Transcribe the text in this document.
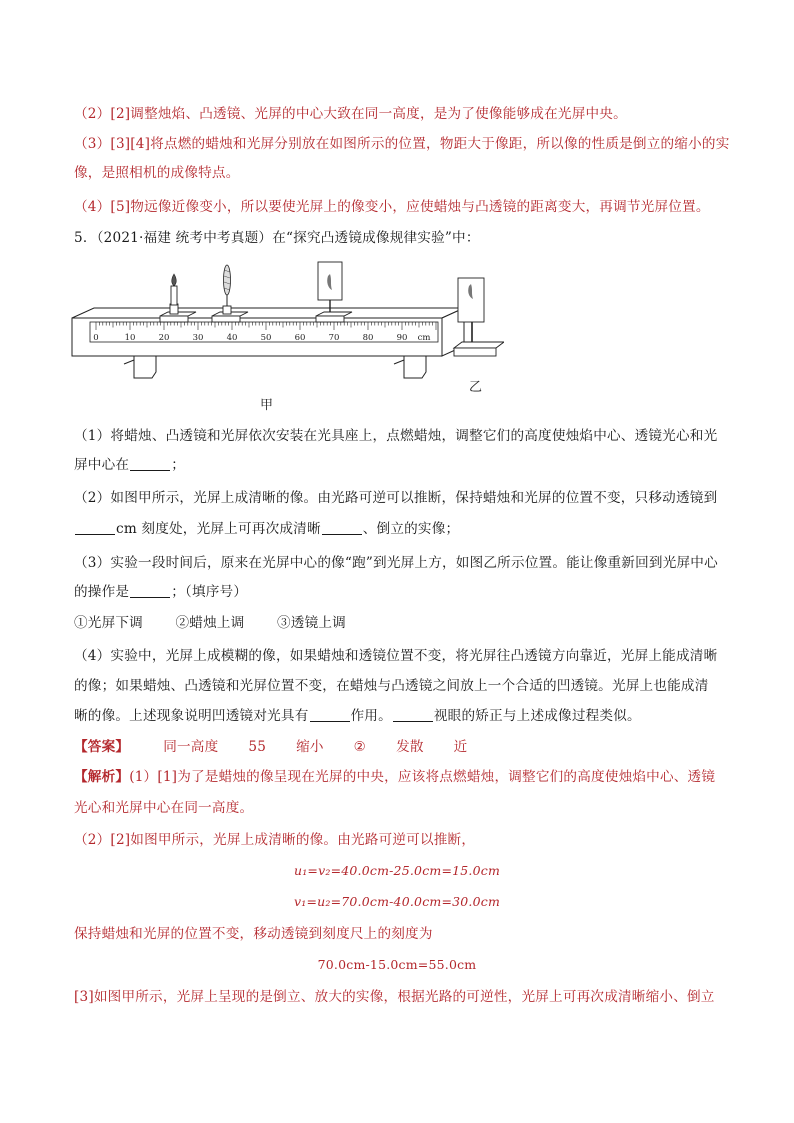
（2）[2]调整烛焰、凸透镜、光屏的中心大致在同一高度，是为了使像能够成在光屏中央。
（3）[3][4]将点燃的蜡烛和光屏分别放在如图所示的位置，物距大于像距，所以像的性质是倒立的缩小的实
像，是照相机的成像特点。
（4）[5]物远像近像变小，所以要使光屏上的像变小，应使蜡烛与凸透镜的距离变大，再调节光屏位置。
5．（2021·福建 统考中考真题）在“探究凸透镜成像规律实验”中：
0	10	20	30	40	50	60	70	80	90 cm
甲
乙
（1）将蜡烛、凸透镜和光屏依次安装在光具座上，点燃蜡烛，调整它们的高度使烛焰中心、透镜光心和光
屏中心在	；
（2）如图甲所示，光屏上成清晰的像。由光路可逆可以推断，保持蜡烛和光屏的位置不变，只移动透镜到
cm 刻度处，光屏上可再次成清晰	、倒立的实像；
（3）实验一段时间后，原来在光屏中心的像“跑”到光屏上方，如图乙所示位置。能让像重新回到光屏中心
的操作是	；（填序号）
①光屏下调 ②蜡烛上调 ③透镜上调
（4）实验中，光屏上成模糊的像，如果蜡烛和透镜位置不变，将光屏往凸透镜方向靠近，光屏上能成清晰
的像；如果蜡烛、凸透镜和光屏位置不变，在蜡烛与凸透镜之间放上一个合适的凹透镜。光屏上也能成清
晰的像。上述现象说明凹透镜对光具有	作用。	视眼的矫正与上述成像过程类似。
【答案】	同一高度 55 缩小 ② 发散 近
【解析】(1）[1]为了是蜡烛的像呈现在光屏的中央，应该将点燃蜡烛，调整它们的高度使烛焰中心、透镜
光心和光屏中心在同一高度。
（2）[2]如图甲所示，光屏上成清晰的像。由光路可逆可以推断，
u₁=v₂=40.0cm-25.0cm=15.0cm
v₁=u₂=70.0cm-40.0cm=30.0cm
保持蜡烛和光屏的位置不变，移动透镜到刻度尺上的刻度为
70.0cm-15.0cm=55.0cm
[3]如图甲所示，光屏上呈现的是倒立、放大的实像，根据光路的可逆性，光屏上可再次成清晰缩小、倒立
